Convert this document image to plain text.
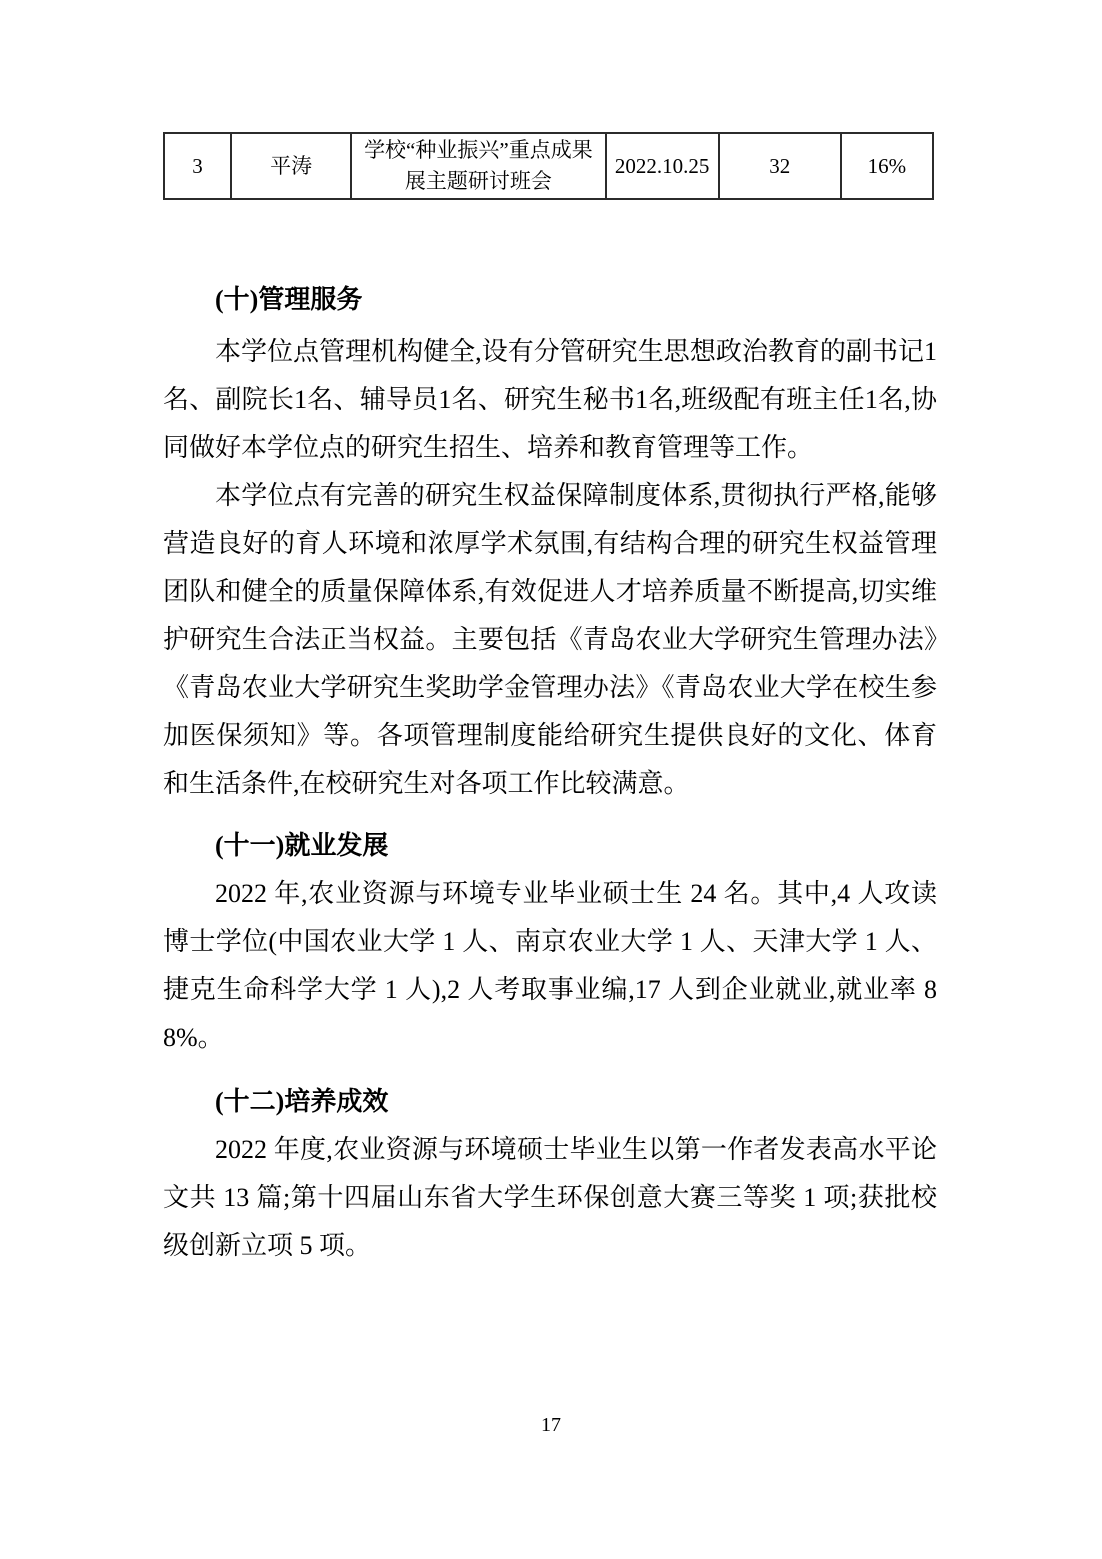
3	平涛	学校“种业振兴”重点成果展主题研讨班会	2022.10.25	32	16%
(十)管理服务

本学位点管理机构健全,设有分管研究生思想政治教育的副书记1名、副院长1名、辅导员1名、研究生秘书1名,班级配有班主任1名,协同做好本学位点的研究生招生、培养和教育管理等工作。

本学位点有完善的研究生权益保障制度体系,贯彻执行严格,能够营造良好的育人环境和浓厚学术氛围,有结构合理的研究生权益管理团队和健全的质量保障体系,有效促进人才培养质量不断提高,切实维护研究生合法正当权益。主要包括《青岛农业大学研究生管理办法》《青岛农业大学研究生奖助学金管理办法》《青岛农业大学在校生参加医保须知》等。各项管理制度能给研究生提供良好的文化、体育和生活条件,在校研究生对各项工作比较满意。

(十一)就业发展

2022 年,农业资源与环境专业毕业硕士生 24 名。其中,4 人攻读博士学位(中国农业大学 1 人、南京农业大学 1 人、天津大学 1 人、捷克生命科学大学 1 人),2 人考取事业编,17 人到企业就业,就业率 88%。

(十二)培养成效

2022 年度,农业资源与环境硕士毕业生以第一作者发表高水平论文共 13 篇;第十四届山东省大学生环保创意大赛三等奖 1 项;获批校级创新立项 5 项。

17
